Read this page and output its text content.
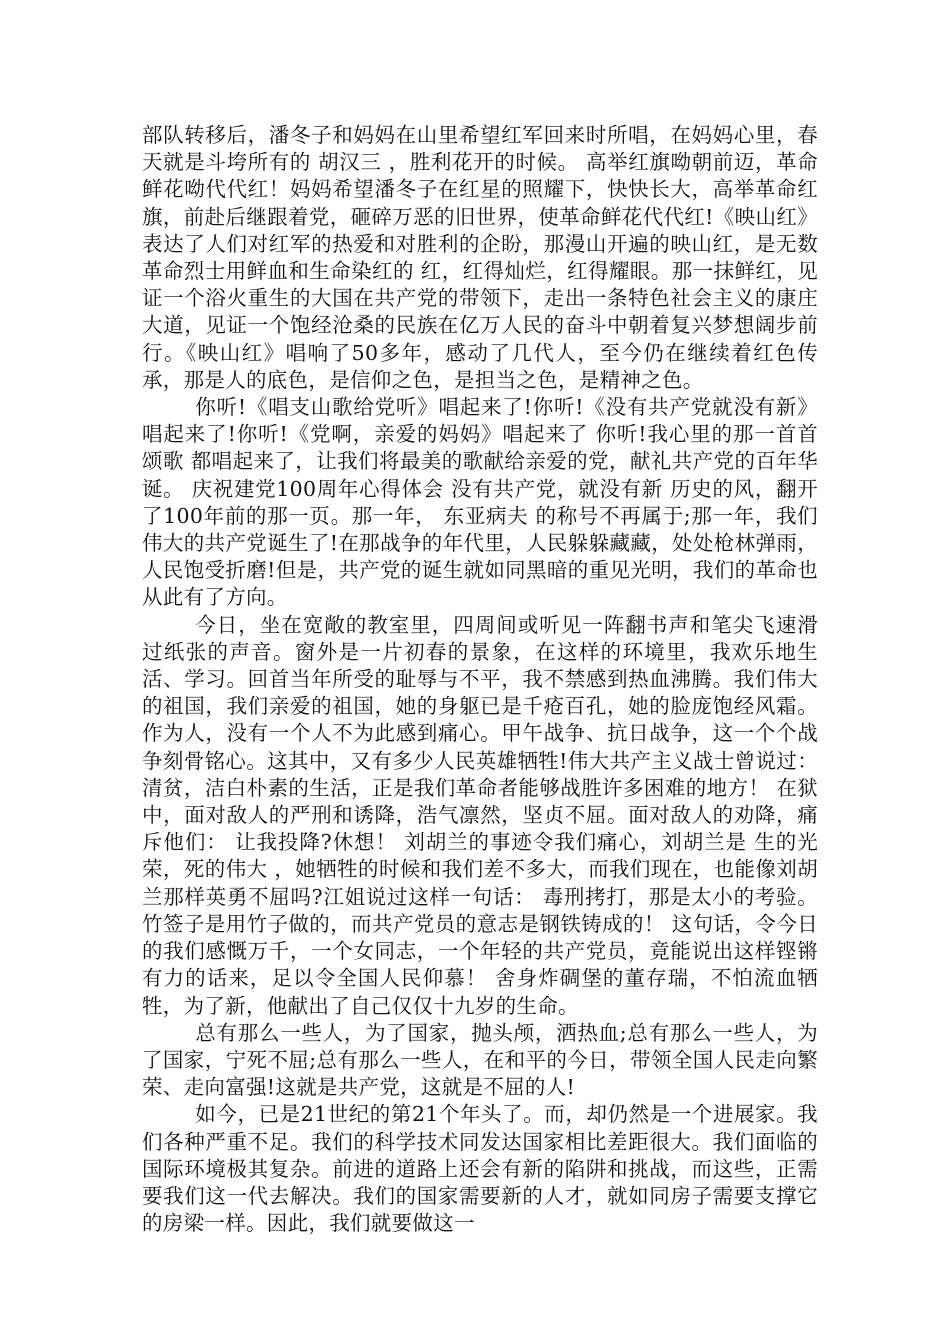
部队转移后，潘冬子和妈妈在山里希望红军回来时所唱，在妈妈心里，春天就是斗垮所有的 胡汉三 ，胜利花开的时候。 高举红旗呦朝前迈，革命鲜花呦代代红！妈妈希望潘冬子在红星的照耀下，快快长大，高举革命红旗，前赴后继跟着党，砸碎万恶的旧世界，使革命鲜花代代红!《映山红》表达了人们对红军的热爱和对胜利的企盼，那漫山开遍的映山红，是无数革命烈士用鲜血和生命染红的 红，红得灿烂，红得耀眼。那一抹鲜红，见证一个浴火重生的大国在共产党的带领下，走出一条特色社会主义的康庄大道，见证一个饱经沧桑的民族在亿万人民的奋斗中朝着复兴梦想阔步前行。《映山红》唱响了50多年，感动了几代人，至今仍在继续着红色传承，那是人的底色，是信仰之色，是担当之色，是精神之色。

你听!《唱支山歌给党听》唱起来了!你听!《没有共产党就没有新》唱起来了!你听!《党啊，亲爱的妈妈》唱起来了 你听!我心里的那一首首 颂歌 都唱起来了，让我们将最美的歌献给亲爱的党，献礼共产党的百年华诞。 庆祝建党100周年心得体会 没有共产党，就没有新 历史的风，翻开了100年前的那一页。那一年， 东亚病夫 的称号不再属于;那一年，我们伟大的共产党诞生了!在那战争的年代里，人民躲躲藏藏，处处枪林弹雨，人民饱受折磨!但是，共产党的诞生就如同黑暗的重见光明，我们的革命也从此有了方向。

今日，坐在宽敞的教室里，四周间或听见一阵翻书声和笔尖飞速滑过纸张的声音。窗外是一片初春的景象，在这样的环境里，我欢乐地生活、学习。回首当年所受的耻辱与不平，我不禁感到热血沸腾。我们伟大的祖国，我们亲爱的祖国，她的身躯已是千疮百孔，她的脸庞饱经风霜。作为人，没有一个人不为此感到痛心。甲午战争、抗日战争，这一个个战争刻骨铭心。这其中，又有多少人民英雄牺牲!伟大共产主义战士曾说过： 清贫，洁白朴素的生活，正是我们革命者能够战胜许多困难的地方！ 在狱中，面对敌人的严刑和诱降，浩气凛然，坚贞不屈。面对敌人的劝降，痛斥他们： 让我投降?休想！ 刘胡兰的事迹令我们痛心，刘胡兰是 生的光荣，死的伟大 ，她牺牲的时候和我们差不多大，而我们现在，也能像刘胡兰那样英勇不屈吗?江姐说过这样一句话： 毒刑拷打，那是太小的考验。竹签子是用竹子做的，而共产党员的意志是钢铁铸成的！ 这句话，令今日的我们感慨万千，一个女同志，一个年轻的共产党员，竟能说出这样铿锵有力的话来，足以令全国人民仰慕！ 舍身炸碉堡的董存瑞，不怕流血牺牲，为了新，他献出了自己仅仅十九岁的生命。

总有那么一些人，为了国家，抛头颅，洒热血;总有那么一些人，为了国家，宁死不屈;总有那么一些人，在和平的今日，带领全国人民走向繁荣、走向富强!这就是共产党，这就是不屈的人!

如今，已是21世纪的第21个年头了。而，却仍然是一个进展家。我们各种严重不足。我们的科学技术同发达国家相比差距很大。我们面临的国际环境极其复杂。前进的道路上还会有新的陷阱和挑战，而这些，正需要我们这一代去解决。我们的国家需要新的人才，就如同房子需要支撑它的房梁一样。因此，我们就要做这一
